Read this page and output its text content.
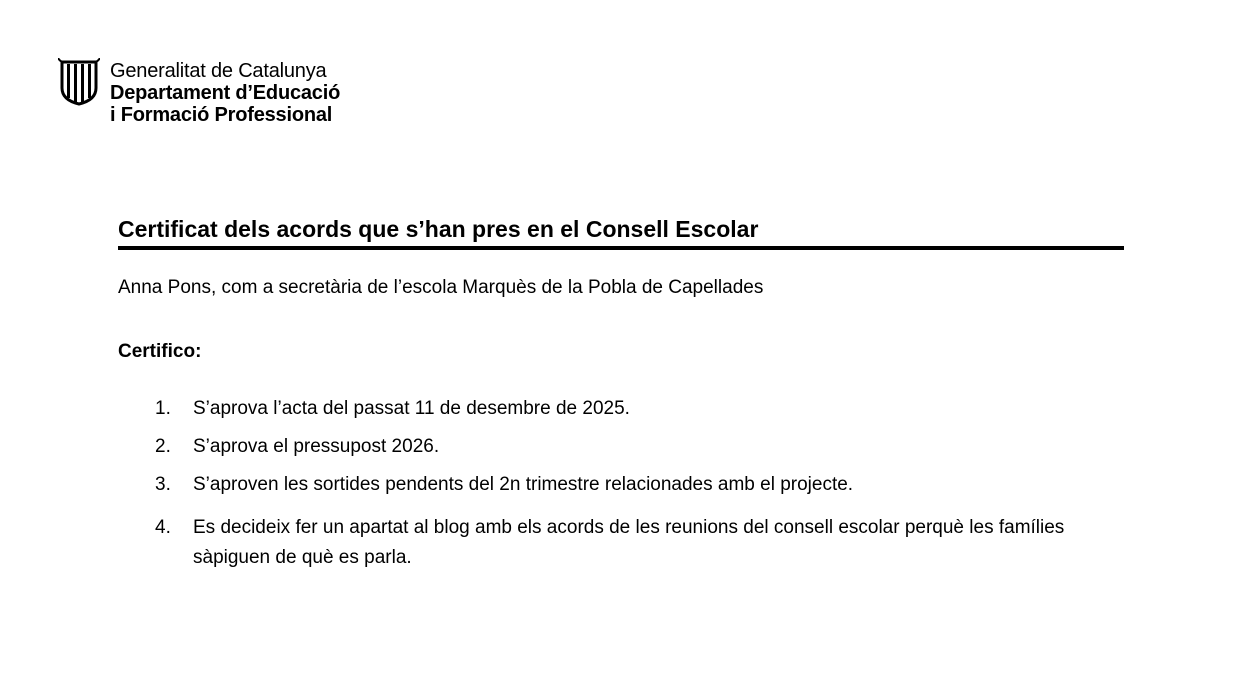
Generalitat de Catalunya
Departament d’Educació
i Formació Professional
Certificat dels acords que s’han pres en el Consell Escolar
Anna Pons, com a secretària de l’escola Marquès de la Pobla de Capellades
Certifico:
1.	S’aprova l’acta del passat 11 de desembre de 2025.
2.	S’aprova el pressupost 2026.
3.	S’aproven les sortides pendents del 2n trimestre relacionades amb el projecte.
4.	Es decideix fer un apartat al blog amb els acords de les reunions del consell escolar perquè les famílies sàpiguen de què es parla.
